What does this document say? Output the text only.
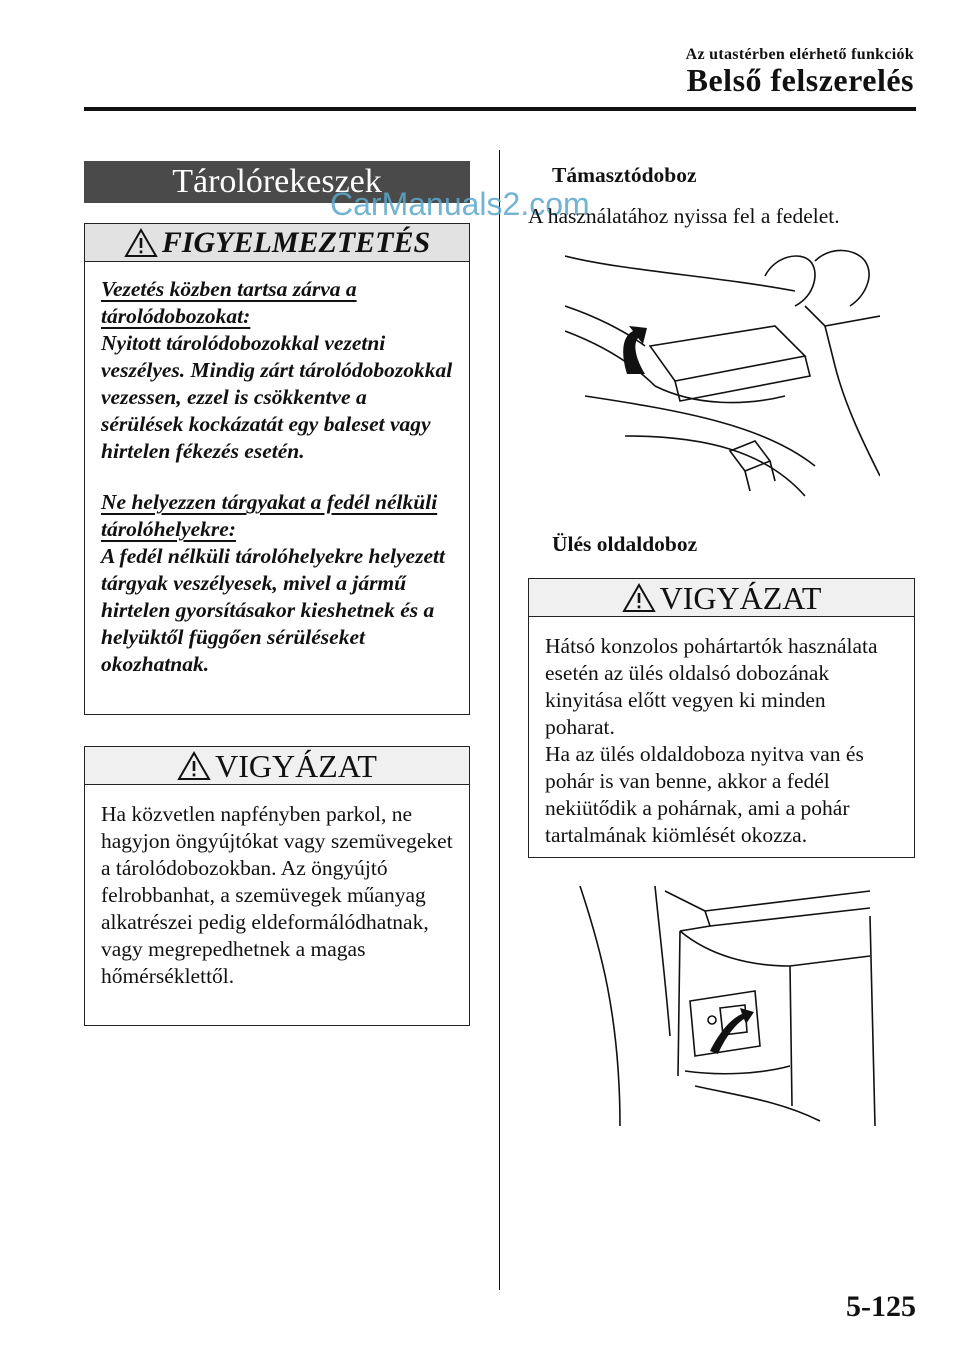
Az utastérben elérhető funkciók
Belső felszerelés
Tárolórekeszek
CarManuals2.com
FIGYELMEZTETÉS
Vezetés közben tartsa zárva a tárolódobozokat:
Nyitott tárolódobozokkal vezetni veszélyes. Mindig zárt tárolódobozokkal vezessen, ezzel is csökkentve a sérülések kockázatát egy baleset vagy hirtelen fékezés esetén.
Ne helyezzen tárgyakat a fedél nélküli tárolóhelyekre:
A fedél nélküli tárolóhelyekre helyezett tárgyak veszélyesek, mivel a jármű hirtelen gyorsításakor kieshetnek és a helyüktől függően sérüléseket okozhatnak.
VIGYÁZAT
Ha közvetlen napfényben parkol, ne hagyjon öngyújtókat vagy szemüvegeket a tárolódobozokban. Az öngyújtó felrobbanhat, a szemüvegek műanyag alkatrészei pedig eldeformálódhatnak, vagy megrepedhetnek a magas hőmérséklettől.
Támasztódoboz
A használatához nyissa fel a fedelet.
Ülés oldaldoboz
VIGYÁZAT
Hátsó konzolos pohártartók használata esetén az ülés oldalsó dobozának kinyitása előtt vegyen ki minden poharat.
Ha az ülés oldaldoboza nyitva van és pohár is van benne, akkor a fedél nekiütődik a pohárnak, ami a pohár tartalmának kiömlését okozza.
5-125
